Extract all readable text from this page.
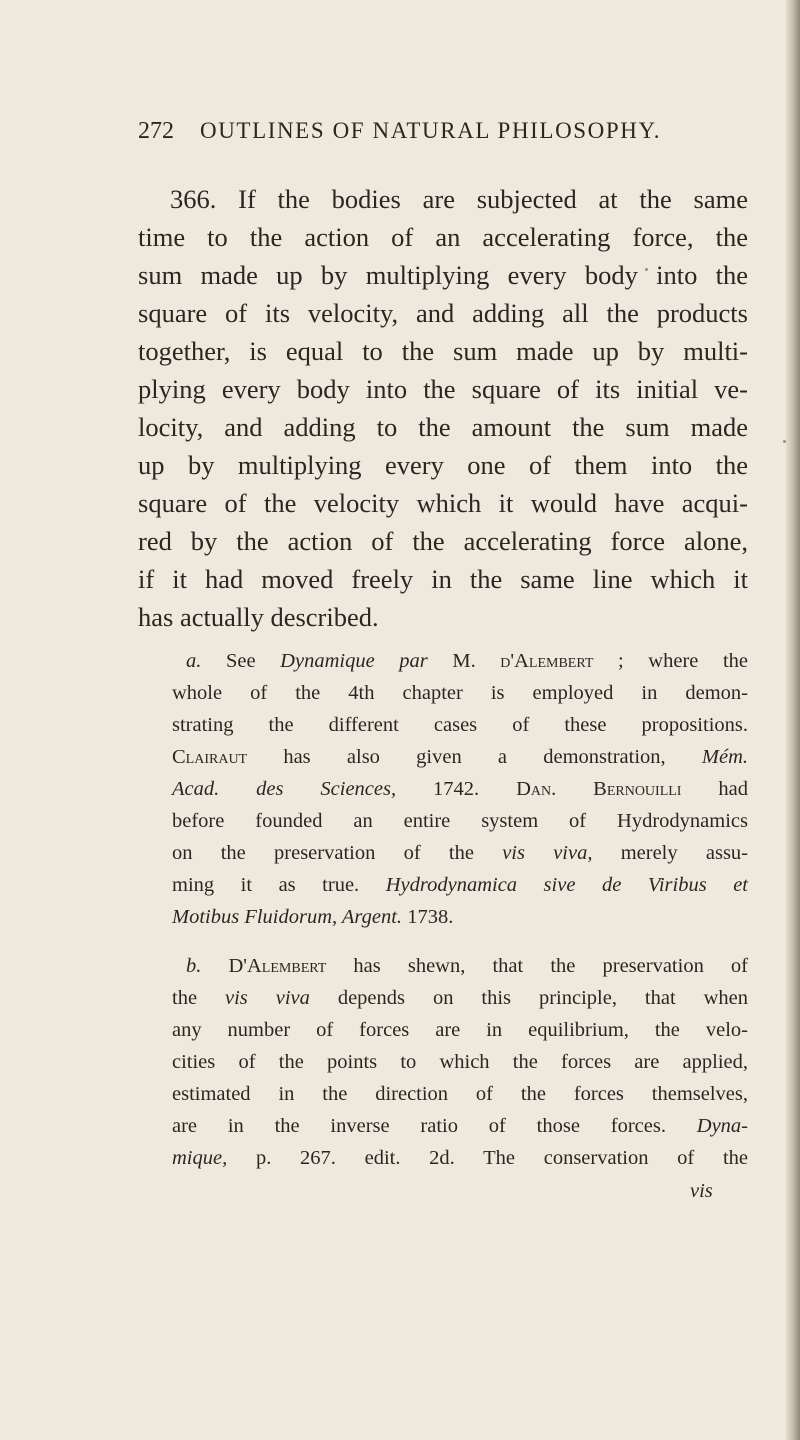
272 OUTLINES OF NATURAL PHILOSOPHY.
366. If the bodies are subjected at the same
time to the action of an accelerating force, the
sum made up by multiplying every body into the
square of its velocity, and adding all the products
together, is equal to the sum made up by multi-
plying every body into the square of its initial ve-
locity, and adding to the amount the sum made
up by multiplying every one of them into the
square of the velocity which it would have acqui-
red by the action of the accelerating force alone,
if it had moved freely in the same line which it
has actually described.
a. See Dynamique par M. d'Alembert ; where the
whole of the 4th chapter is employed in demon-
strating the different cases of these propositions.
Clairaut has also given a demonstration, Mém.
Acad. des Sciences, 1742. Dan. Bernouilli had
before founded an entire system of Hydrodynamics
on the preservation of the vis viva, merely assu-
ming it as true. Hydrodynamica sive de Viribus et
Motibus Fluidorum, Argent. 1738.
b. D'Alembert has shewn, that the preservation of
the vis viva depends on this principle, that when
any number of forces are in equilibrium, the velo-
cities of the points to which the forces are applied,
estimated in the direction of the forces themselves,
are in the inverse ratio of those forces. Dyna-
mique, p. 267. edit. 2d. The conservation of the
vis
